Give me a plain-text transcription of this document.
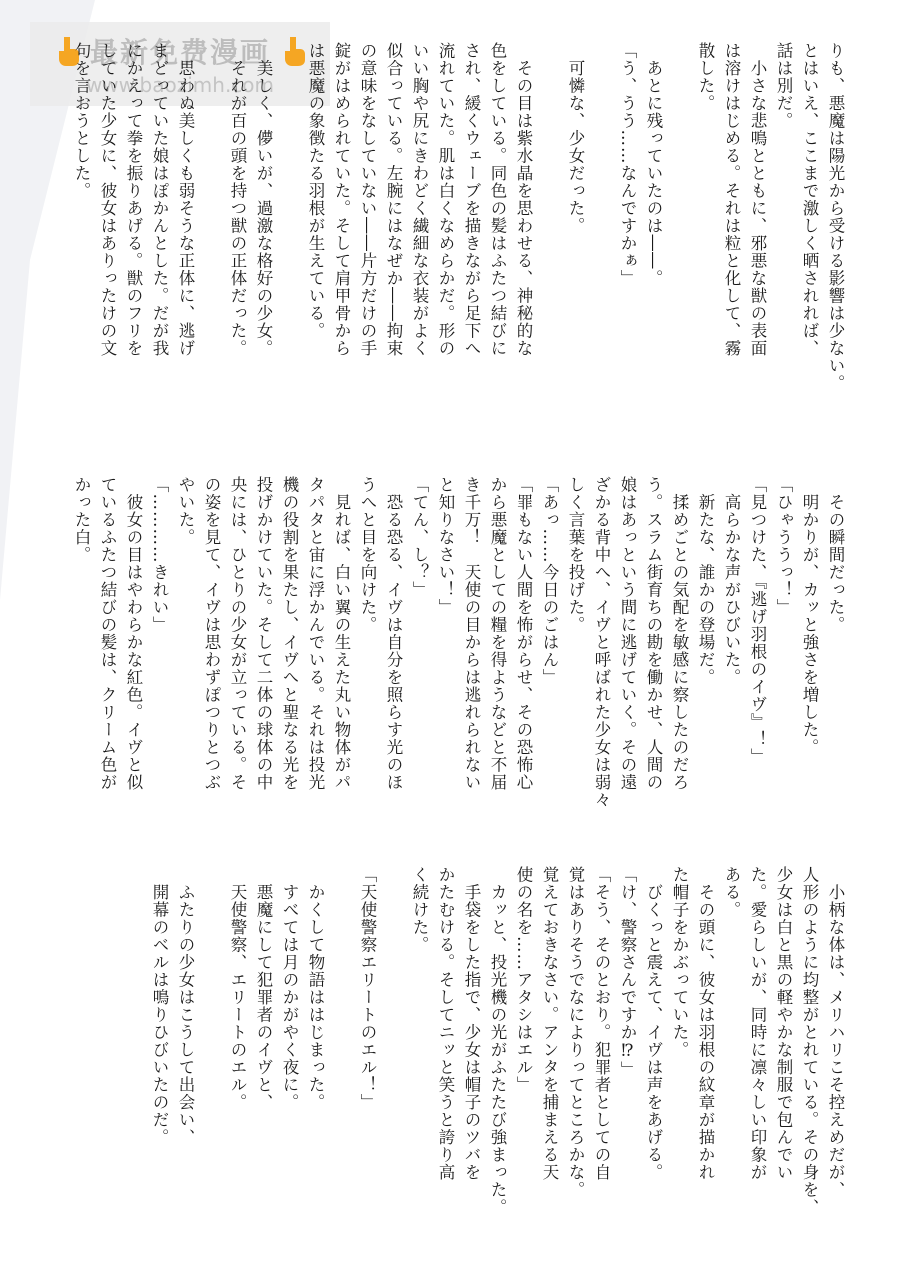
最新免费漫画
www.baozimh.com	りも、悪魔は陽光から受ける影響は少ない。
とはいえ、ここまで激しく晒されれば、
話は別だ。
　小さな悲鳴とともに、邪悪な獣の表面
は溶けはじめる。それは粒と化して、霧
散した。

　あとに残っていたのは――。
「う、うう……なんですかぁ」

　可憐な、少女だった。

　その目は紫水晶を思わせる、神秘的な
色をしている。同色の髪はふたつ結びに
され、緩くウェーブを描きながら足下へ
流れていた。肌は白くなめらかだ。形の
いい胸や尻にきわどく繊細な衣装がよく
似合っている。左腕にはなぜか――拘束
の意味をなしていない――片方だけの手
錠がはめられていた。そして肩甲骨から
は悪魔の象徴たる羽根が生えている。

　美しく、儚いが、過激な格好の少女。
　それが百の頭を持つ獣の正体だった。

　思わぬ美しくも弱そうな正体に、逃げ
まどっていた娘はぽかんとした。だが我
にかえって拳を振りあげる。獣のフリを
していた少女に、彼女はありったけの文
句を言おうとした。
　その瞬間だった。
　明かりが、カッと強さを増した。
「ひゃううっ！」
「見つけた、『逃げ羽根のイヴ』！」
　高らかな声がひびいた。
　新たな、誰かの登場だ。
　揉めごとの気配を敏感に察したのだろ
う。スラム街育ちの勘を働かせ、人間の
娘はあっという間に逃げていく。その遠
ざかる背中へ、イヴと呼ばれた少女は弱々
しく言葉を投げた。
「あっ……今日のごはん」
「罪もない人間を怖がらせ、その恐怖心
から悪魔としての糧を得ようなどと不届
き千万！　天使の目からは逃れられない
と知りなさい！」
「てん、し？」
　恐る恐る、イヴは自分を照らす光のほ
うへと目を向けた。
　見れば、白い翼の生えた丸い物体がパ
タパタと宙に浮かんでいる。それは投光
機の役割を果たし、イヴへと聖なる光を
投げかけていた。そして二体の球体の中
央には、ひとりの少女が立っている。そ
の姿を見て、イヴは思わずぽつりとつぶ
やいた。
「…………きれい」
　彼女の目はやわらかな紅色。イヴと似
ているふたつ結びの髪は、クリーム色が
かった白。
　小柄な体は、メリハリこそ控えめだが、
人形のように均整がとれている。その身を、
少女は白と黒の軽やかな制服で包んでい
た。愛らしいが、同時に凛々しい印象が
ある。
　その頭に、彼女は羽根の紋章が描かれ
た帽子をかぶっていた。
　びくっと震えて、イヴは声をあげる。
「け、警察さんですか⁉」
「そう、そのとおり。犯罪者としての自
覚はありそうでなによりってところかな。
覚えておきなさい。アンタを捕まえる天
使の名を……アタシはエル」
　カッと、投光機の光がふたたび強まった。
　手袋をした指で、少女は帽子のツバを
かたむける。そしてニッと笑うと誇り高
く続けた。

「天使警察エリートのエル！」

　かくして物語ははじまった。
　すべては月のかがやく夜に。
　悪魔にして犯罪者のイヴと、
　天使警察、エリートのエル。

　ふたりの少女はこうして出会い、
　開幕のベルは鳴りひびいたのだ。
